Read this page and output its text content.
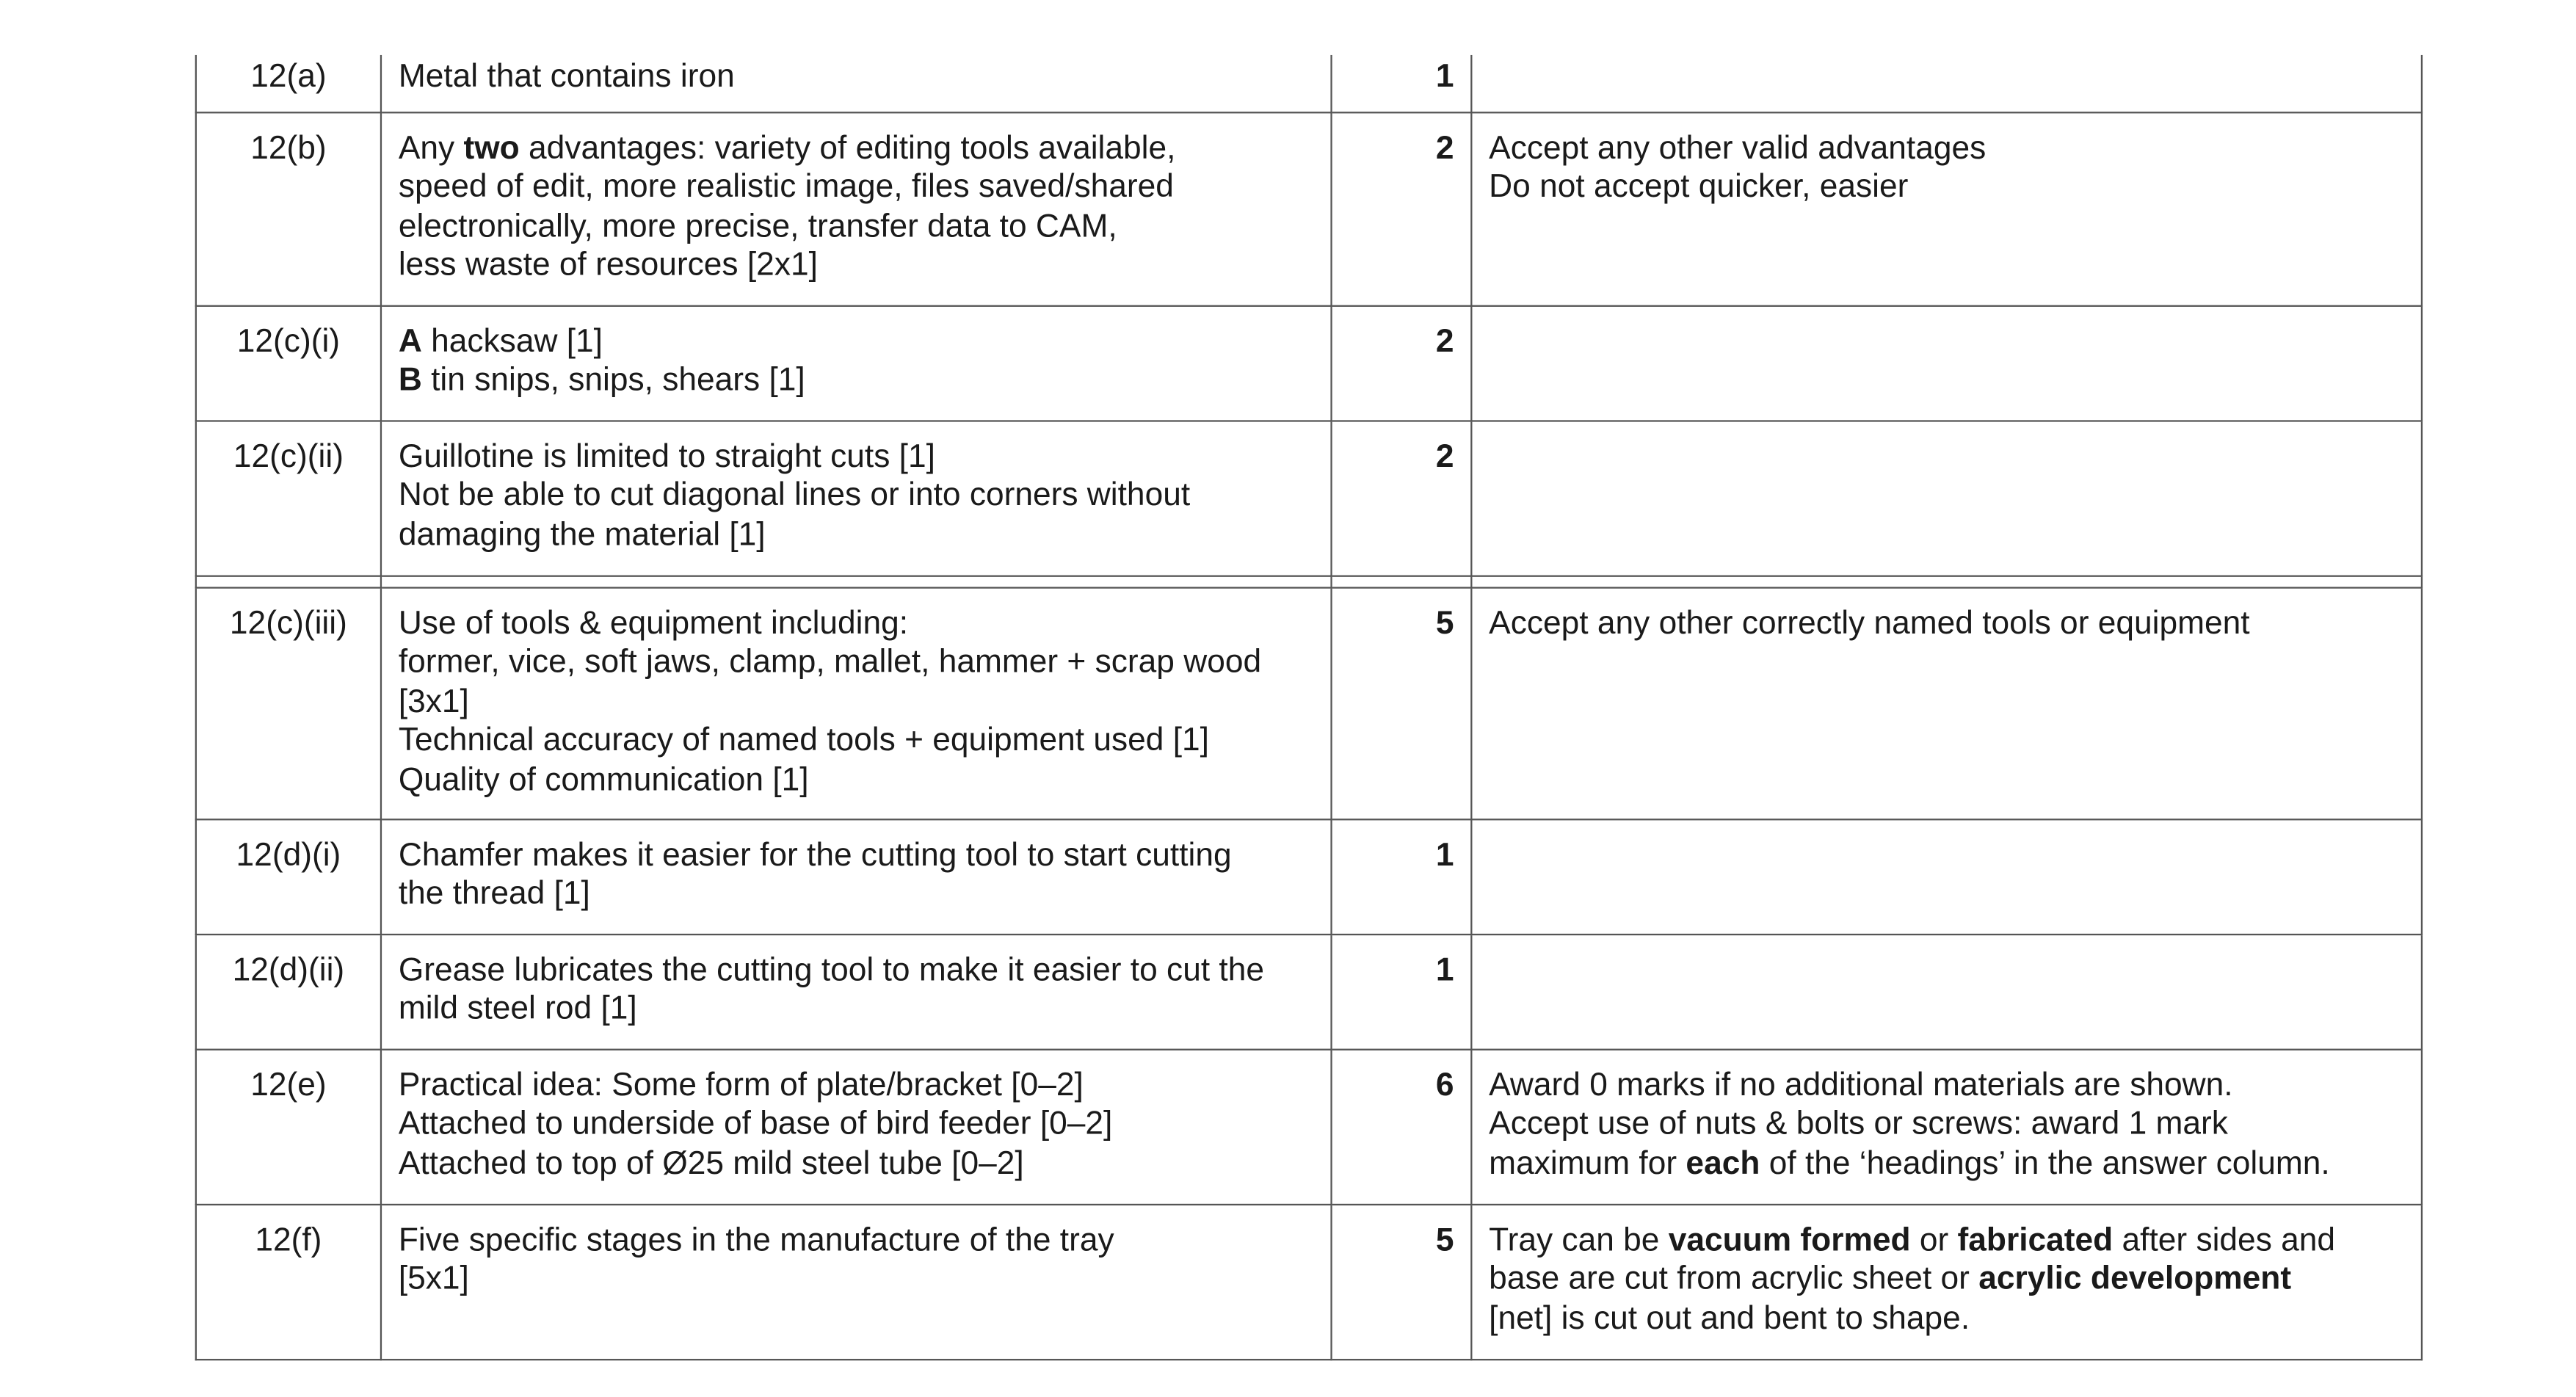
12(a)	Metal that contains iron	1	

12(b)	Any two advantages: variety of editing tools available,
speed of edit, more realistic image, files saved/shared
electronically, more precise, transfer data to CAM,
less waste of resources [2x1]	2	Accept any other valid advantages
Do not accept quicker, easier

12(c)(i)	A hacksaw [1]
B tin snips, snips, shears [1]	2	

12(c)(ii)	Guillotine is limited to straight cuts [1]
Not be able to cut diagonal lines or into corners without
damaging the material [1]	2	

12(c)(iii)	Use of tools & equipment including:
former, vice, soft jaws, clamp, mallet, hammer + scrap wood
[3x1]
Technical accuracy of named tools + equipment used [1]
Quality of communication [1]	5	Accept any other correctly named tools or equipment

12(d)(i)	Chamfer makes it easier for the cutting tool to start cutting
the thread [1]	1	

12(d)(ii)	Grease lubricates the cutting tool to make it easier to cut the
mild steel rod [1]	1	

12(e)	Practical idea: Some form of plate/bracket [0–2]
Attached to underside of base of bird feeder [0–2]
Attached to top of Ø25 mild steel tube [0–2]	6	Award 0 marks if no additional materials are shown.
Accept use of nuts & bolts or screws: award 1 mark
maximum for each of the ‘headings’ in the answer column.

12(f)	Five specific stages in the manufacture of the tray
[5x1]	5	Tray can be vacuum formed or fabricated after sides and
base are cut from acrylic sheet or acrylic development
[net] is cut out and bent to shape.
